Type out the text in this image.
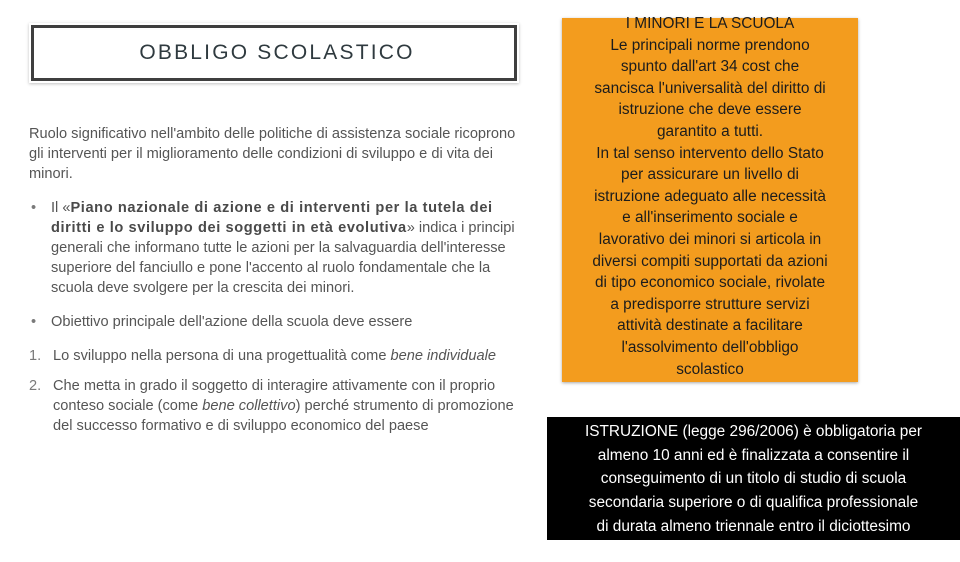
OBBLIGO SCOLASTICO

Ruolo significativo nell'ambito delle politiche di assistenza sociale ricoprono gli interventi per il miglioramento delle condizioni di sviluppo e di vita dei minori.

• Il «Piano nazionale di azione e di interventi per la tutela dei diritti e lo sviluppo dei soggetti in età evolutiva» indica i principi generali che informano tutte le azioni per la salvaguardia dell'interesse superiore del fanciullo e pone l'accento al ruolo fondamentale che la scuola deve svolgere per la crescita dei minori.

• Obiettivo principale dell'azione della scuola deve essere

1. Lo sviluppo nella persona di una progettualità come bene individuale

2. Che metta in grado il soggetto di interagire attivamente con il proprio conteso sociale (come bene collettivo) perché strumento di promozione del successo formativo e di sviluppo economico del paese

I MINORI E LA SCUOLA
Le principali norme prendono
spunto dall'art 34 cost che
sancisca l'universalità del diritto di
istruzione che deve essere
garantito a tutti.
In tal senso intervento dello Stato
per assicurare un livello di
istruzione adeguato alle necessità
e all'inserimento sociale e
lavorativo dei minori si articola in
diversi compiti supportati da azioni
di tipo economico sociale, rivolate
a predisporre strutture servizi
attività destinate a facilitare
l'assolvimento dell'obbligo
scolastico
ISTRUZIONE (legge 296/2006) è obbligatoria per
almeno 10 anni ed è finalizzata a consentire il
conseguimento di un titolo di studio di scuola
secondaria superiore o di qualifica professionale
di durata almeno triennale entro il diciottesimo
anno di età
